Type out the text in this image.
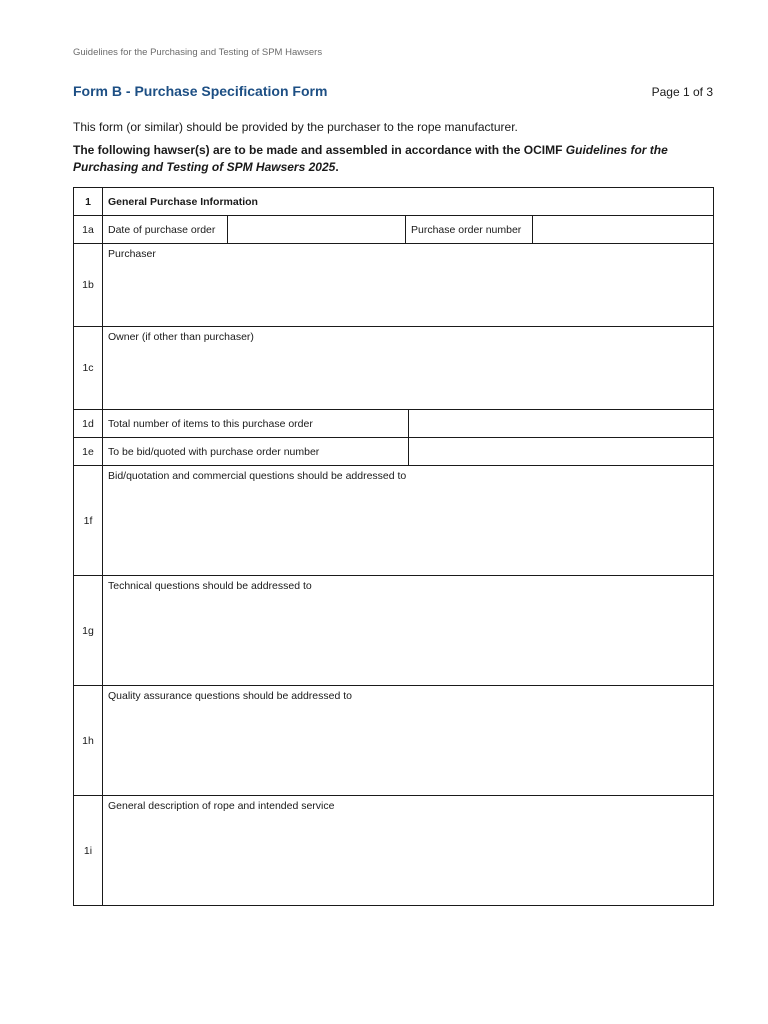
Guidelines for the Purchasing and Testing of SPM Hawsers
Form B - Purchase Specification Form	Page 1 of 3
This form (or similar) should be provided by the purchaser to the rope manufacturer.
The following hawser(s) are to be made and assembled in accordance with the OCIMF Guidelines for the Purchasing and Testing of SPM Hawsers 2025.
1	General Purchase Information
1a	Date of purchase order Purchase order number

1b	Purchaser

1c	Owner (if other than purchaser)

1d	Total number of items to this purchase order

1e	To be bid/quoted with purchase order number

1f	Bid/quotation and commercial questions should be addressed to

1g	Technical questions should be addressed to

1h	Quality assurance questions should be addressed to

1i	General description of rope and intended service
